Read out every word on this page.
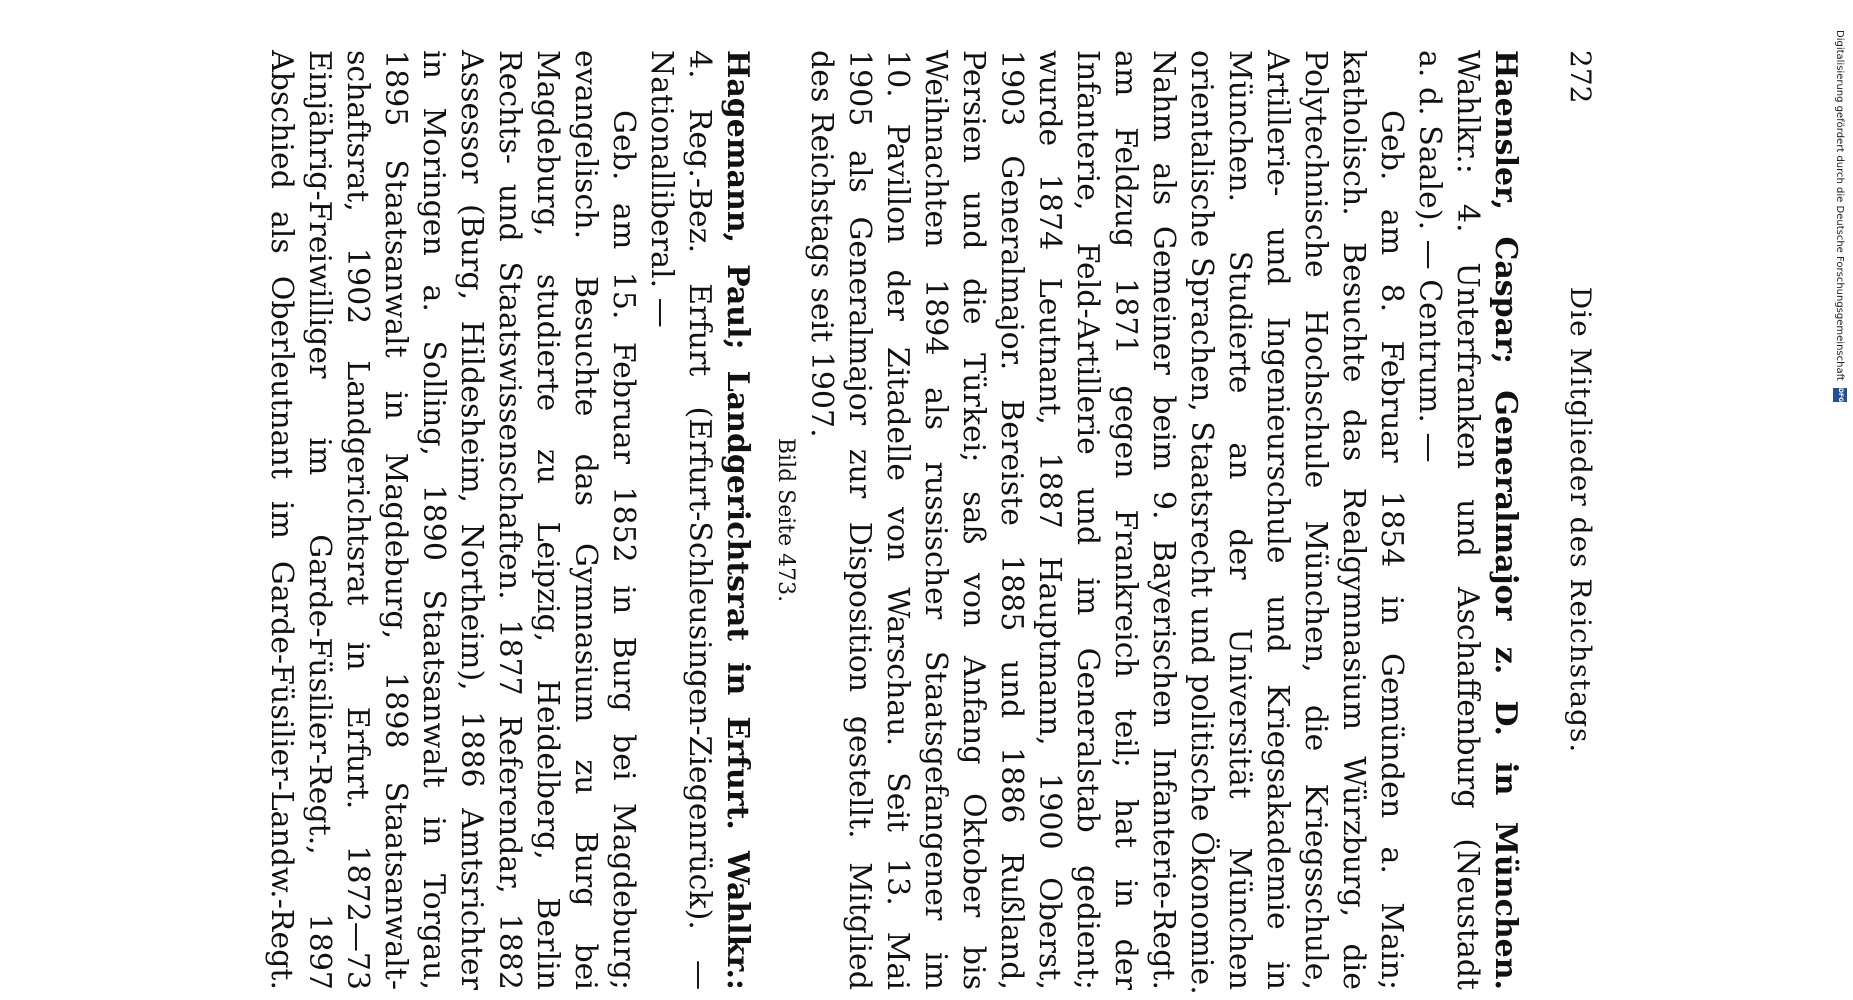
272
Die Mitglieder des Reichstags.
Haensler, Caspar; Generalmajor z. D. in München.
Wahlkr.: 4. Unterfranken und Aschaffenburg (Neustadt
a. d. Saale). — Centrum. —
Geb. am 8. Februar 1854 in Gemünden a. Main;
katholisch. Besuchte das Realgymnasium Würzburg, die
Polytechnische Hochschule München, die Kriegsschule,
Artillerie- und Ingenieurschule und Kriegsakademie in
München. Studierte an der Universität München
orientalische Sprachen, Staatsrecht und politische Ökonomie.
Nahm als Gemeiner beim 9. Bayerischen Infanterie-Regt.
am Feldzug 1871 gegen Frankreich teil; hat in der
Infanterie, Feld-Artillerie und im Generalstab gedient;
wurde 1874 Leutnant, 1887 Hauptmann, 1900 Oberst,
1903 Generalmajor. Bereiste 1885 und 1886 Rußland,
Persien und die Türkei; saß von Anfang Oktober bis
Weihnachten 1894 als russischer Staatsgefangener im
10. Pavillon der Zitadelle von Warschau. Seit 13. Mai
1905 als Generalmajor zur Disposition gestellt. Mitglied
des Reichstags seit 1907.
Bild Seite 473.
Hagemann, Paul; Landgerichtsrat in Erfurt. Wahlkr.:
4. Reg.-Bez. Erfurt (Erfurt-Schleusingen-Ziegenrück). —
Nationalliberal. —
Geb. am 15. Februar 1852 in Burg bei Magdeburg;
evangelisch. Besuchte das Gymnasium zu Burg bei
Magdeburg, studierte zu Leipzig, Heidelberg, Berlin
Rechts- und Staatswissenschaften. 1877 Referendar, 1882
Assessor (Burg, Hildesheim, Northeim), 1886 Amtsrichter
in Moringen a. Solling, 1890 Staatsanwalt in Torgau,
1895 Staatsanwalt in Magdeburg, 1898 Staatsanwalt-
schaftsrat, 1902 Landgerichtsrat in Erfurt. 1872—73
Einjährig-Freiwilliger im Garde-Füsilier-Regt., 1897
Abschied als Oberleutnant im Garde-Füsilier-Landw.-Regt.	Digitalisierung gefördert durch die Deutsche Forschungsgemeinschaft DFG
